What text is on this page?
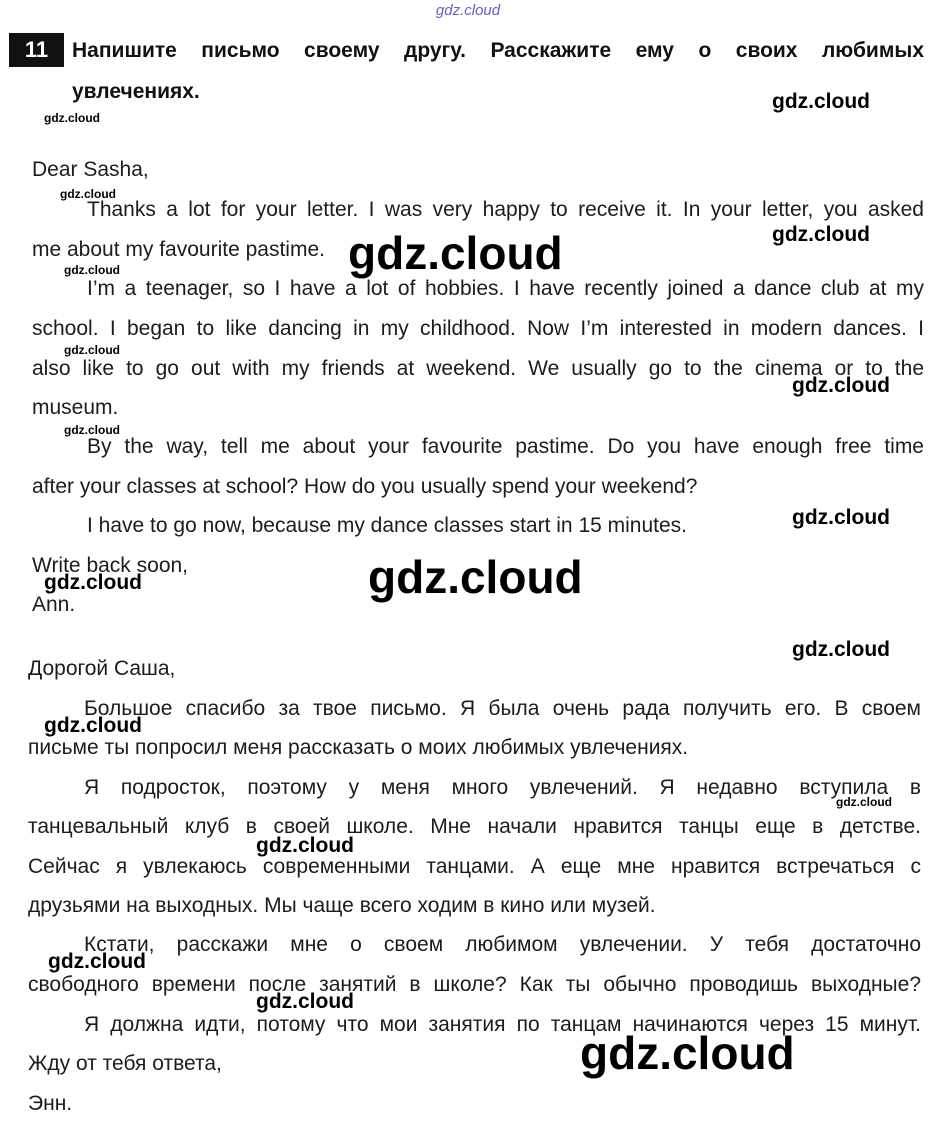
gdz.cloud
11	Напишите письмо своему другу. Расскажите ему о своих любимых
увлечениях.
Dear Sasha,
Thanks a lot for your letter. I was very happy to receive it. In your letter, you asked
me about my favourite pastime.
I’m a teenager, so I have a lot of hobbies. I have recently joined a dance club at my
school. I began to like dancing in my childhood. Now I’m interested in modern dances. I
also like to go out with my friends at weekend. We usually go to the cinema or to the
museum.
By the way, tell me about your favourite pastime. Do you have enough free time
after your classes at school? How do you usually spend your weekend?
I have to go now, because my dance classes start in 15 minutes.
Write back soon,
Ann.
Дорогой Саша,
Большое спасибо за твое письмо. Я была очень рада получить его. В своем
письме ты попросил меня рассказать о моих любимых увлечениях.
Я подросток, поэтому у меня много увлечений. Я недавно вступила в
танцевальный клуб в своей школе. Мне начали нравится танцы еще в детстве.
Сейчас я увлекаюсь современными танцами. А еще мне нравится встречаться с
друзьями на выходных. Мы чаще всего ходим в кино или музей.
Кстати, расскажи мне о своем любимом увлечении. У тебя достаточно
свободного времени после занятий в школе? Как ты обычно проводишь выходные?
Я должна идти, потому что мои занятия по танцам начинаются через 15 минут.
Жду от тебя ответа,
Энн.
gdz.cloud
gdz.cloud
gdz.cloud
gdz.cloud
gdz.cloud
gdz.cloud
gdz.cloud
gdz.cloud
gdz.cloud
gdz.cloud
gdz.cloud
gdz.cloud
gdz.cloud
gdz.cloud
gdz.cloud
gdz.cloud
gdz.cloud
gdz.cloud
gdz.cloud
